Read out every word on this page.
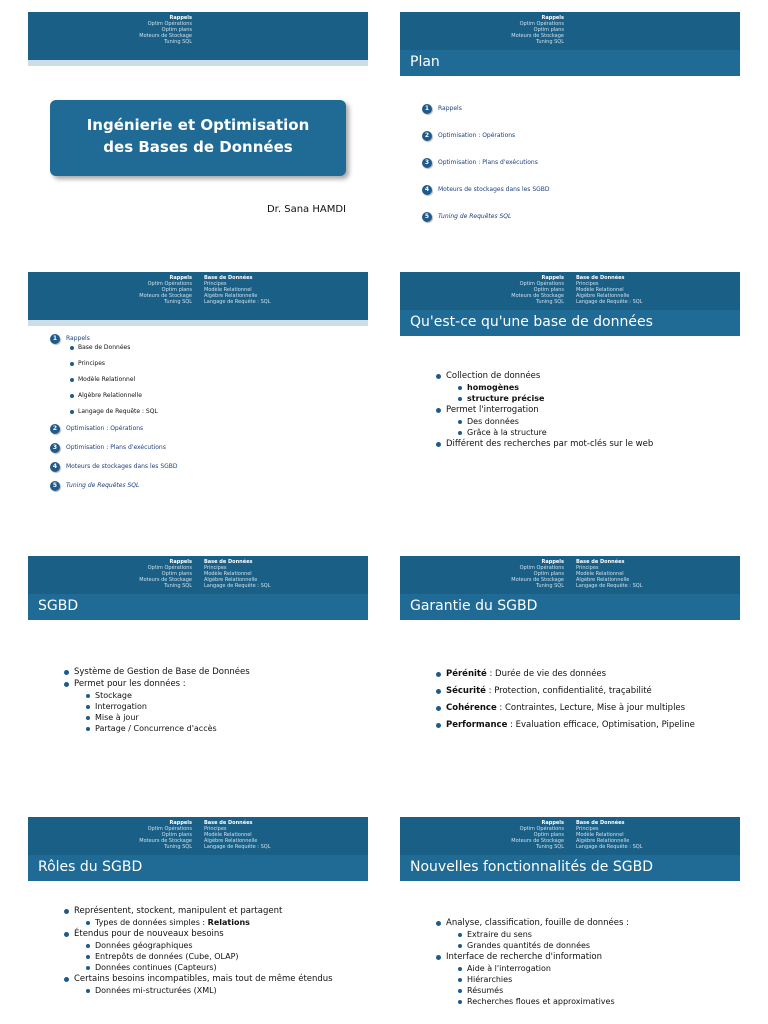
Rappels
Optim Opérations
Optim plans
Moteurs de Stockage
Tuning SQL
Ingénierie et Optimisation
des Bases de Données
Dr. Sana HAMDI
Rappels
Optim Opérations
Optim plans
Moteurs de Stockage
Tuning SQL
Plan
1	Rappels
2	Optimisation : Opérations
3	Optimisation : Plans d'exécutions
4	Moteurs de stockages dans les SGBD
5	Tuning de Requêtes SQL
Rappels
Optim Opérations
Optim plans
Moteurs de Stockage
Tuning SQL
Base de Données
Principes
Modèle Relationnel
Algèbre Relationnelle
Langage de Requête : SQL
1	Rappels
Base de Données
Principes
Modèle Relationnel
Algèbre Relationnelle
Langage de Requête : SQL
2	Optimisation : Opérations
3	Optimisation : Plans d'exécutions
4	Moteurs de stockages dans les SGBD
5	Tuning de Requêtes SQL
Rappels
Optim Opérations
Optim plans
Moteurs de Stockage
Tuning SQL
Base de Données
Principes
Modèle Relationnel
Algèbre Relationnelle
Langage de Requête : SQL
Qu'est-ce qu'une base de données
Collection de données
homogènes
structure précise
Permet l'interrogation
Des données
Grâce à la structure
Différent des recherches par mot-clés sur le web
Rappels
Optim Opérations
Optim plans
Moteurs de Stockage
Tuning SQL
Base de Données
Principes
Modèle Relationnel
Algèbre Relationnelle
Langage de Requête : SQL
SGBD
Système de Gestion de Base de Données
Permet pour les données :
Stockage
Interrogation
Mise à jour
Partage / Concurrence d'accès
Rappels
Optim Opérations
Optim plans
Moteurs de Stockage
Tuning SQL
Base de Données
Principes
Modèle Relationnel
Algèbre Relationnelle
Langage de Requête : SQL
Garantie du SGBD
Pérénité : Durée de vie des données
Sécurité : Protection, confidentialité, traçabilité
Cohérence : Contraintes, Lecture, Mise à jour multiples
Performance : Evaluation efficace, Optimisation, Pipeline
Rappels
Optim Opérations
Optim plans
Moteurs de Stockage
Tuning SQL
Base de Données
Principes
Modèle Relationnel
Algèbre Relationnelle
Langage de Requête : SQL
Rôles du SGBD
Représentent, stockent, manipulent et partagent
Types de données simples : Relations
Étendus pour de nouveaux besoins
Données géographiques
Entrepôts de données (Cube, OLAP)
Données continues (Capteurs)
Certains besoins incompatibles, mais tout de même étendus
Données mi-structurées (XML)
Rappels
Optim Opérations
Optim plans
Moteurs de Stockage
Tuning SQL
Base de Données
Principes
Modèle Relationnel
Algèbre Relationnelle
Langage de Requête : SQL
Nouvelles fonctionnalités de SGBD
Analyse, classification, fouille de données :
Extraire du sens
Grandes quantités de données
Interface de recherche d'information
Aide à l'interrogation
Hiérarchies
Résumés
Recherches floues et approximatives
